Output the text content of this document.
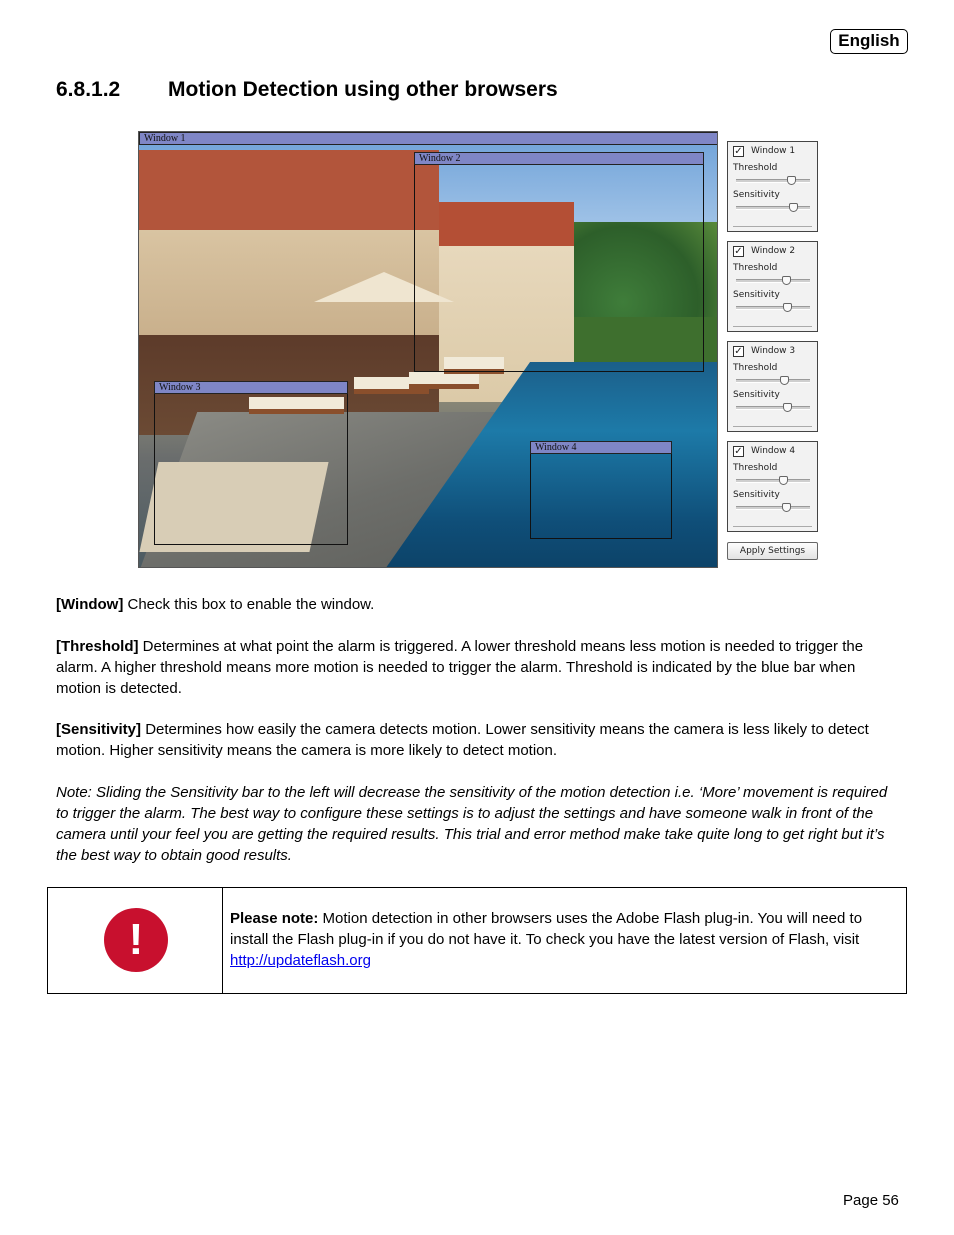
English
6.8.1.2 Motion Detection using other browsers
Window 1
Window 2
Window 3
Window 4
✓ Window 1
Threshold
Sensitivity
✓ Window 2
Threshold
Sensitivity
✓ Window 3
Threshold
Sensitivity
✓ Window 4
Threshold
Sensitivity
Apply Settings
[Window] Check this box to enable the window.
[Threshold] Determines at what point the alarm is triggered. A lower threshold means less motion is needed to trigger the alarm. A higher threshold means more motion is needed to trigger the alarm. Threshold is indicated by the blue bar when motion is detected.
[Sensitivity] Determines how easily the camera detects motion. Lower sensitivity means the camera is less likely to detect motion. Higher sensitivity means the camera is more likely to detect motion.
Note: Sliding the Sensitivity bar to the left will decrease the sensitivity of the motion detection i.e. ‘More’ movement is required to trigger the alarm. The best way to configure these settings is to adjust the settings and have someone walk in front of the camera until your feel you are getting the required results. This trial and error method make take quite long to get right but it’s the best way to obtain good results.
!	Please note: Motion detection in other browsers uses the Adobe Flash plug-in. You will need to install the Flash plug-in if you do not have it. To check you have the latest version of Flash, visit http://updateflash.org
Page 56
